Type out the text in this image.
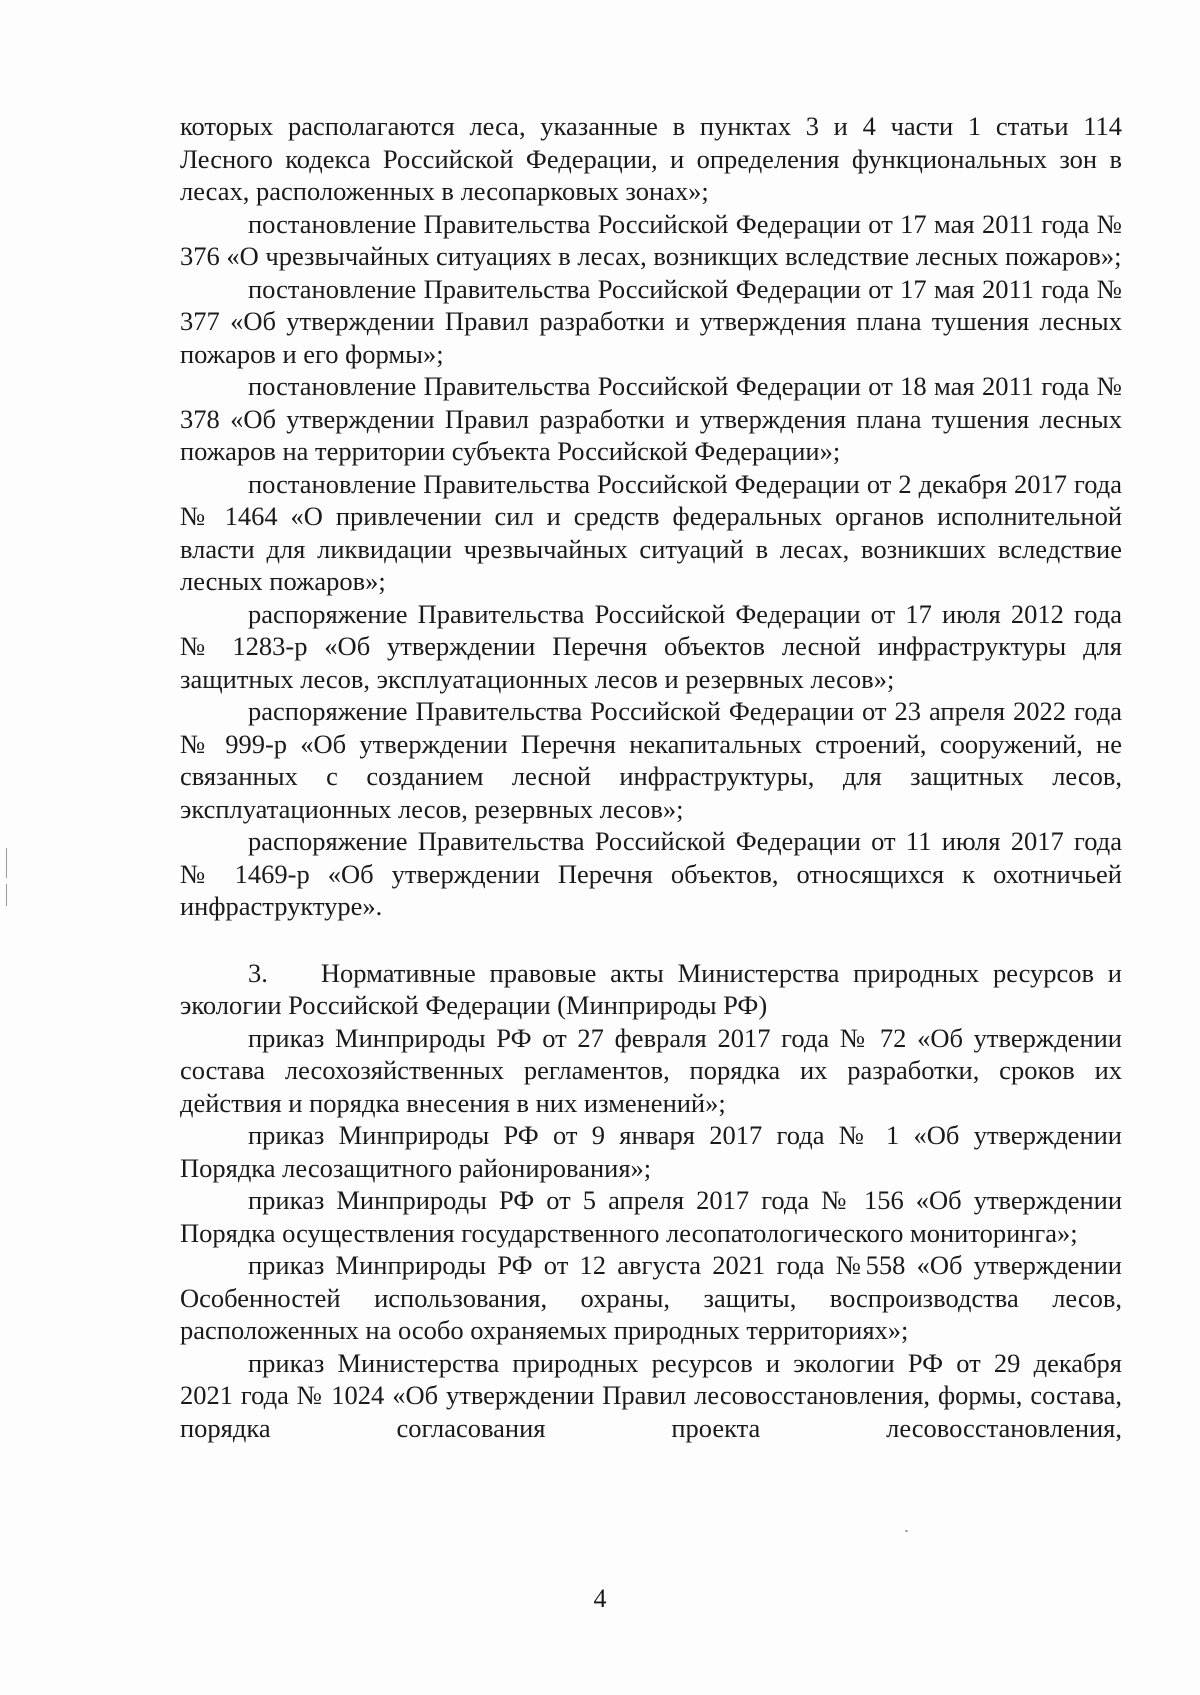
которых располагаются леса, указанные в пунктах 3 и 4 части 1 статьи 114 Лесного кодекса Российской Федерации, и определения функциональных зон в лесах, расположенных в лесопарковых зонах»;

постановление Правительства Российской Федерации от 17 мая 2011 года № 376 «О чрезвычайных ситуациях в лесах, возникщих вследствие лесных пожаров»;

постановление Правительства Российской Федерации от 17 мая 2011 года № 377 «Об утверждении Правил разработки и утверждения плана тушения лесных пожаров и его формы»;

постановление Правительства Российской Федерации от 18 мая 2011 года № 378 «Об утверждении Правил разработки и утверждения плана тушения лесных пожаров на территории субъекта Российской Федерации»;

постановление Правительства Российской Федерации от 2 декабря 2017 года № 1464 «О привлечении сил и средств федеральных органов исполнительной власти для ликвидации чрезвычайных ситуаций в лесах, возникших вследствие лесных пожаров»;

распоряжение Правительства Российской Федерации от 17 июля 2012 года № 1283-р «Об утверждении Перечня объектов лесной инфраструктуры для защитных лесов, эксплуатационных лесов и резервных лесов»;

распоряжение Правительства Российской Федерации от 23 апреля 2022 года № 999-р «Об утверждении Перечня некапитальных строений, сооружений, не связанных с созданием лесной инфраструктуры, для защитных лесов, эксплуатационных лесов, резервных лесов»;

распоряжение Правительства Российской Федерации от 11 июля 2017 года № 1469-р «Об утверждении Перечня объектов, относящихся к охотничьей инфраструктуре».

3.  Нормативные правовые акты Министерства природных ресурсов и экологии Российской Федерации (Минприроды РФ)

приказ Минприроды РФ от 27 февраля 2017 года № 72 «Об утверждении состава лесохозяйственных регламентов, порядка их разработки, сроков их действия и порядка внесения в них изменений»;

приказ Минприроды РФ от 9 января 2017 года № 1 «Об утверждении Порядка лесозащитного районирования»;

приказ Минприроды РФ от 5 апреля 2017 года № 156 «Об утверждении Порядка осуществления государственного лесопатологического мониторинга»;

приказ Минприроды РФ от 12 августа 2021 года №558 «Об утверждении Особенностей использования, охраны, защиты, воспроизводства лесов, расположенных на особо охраняемых природных территориях»;

приказ Министерства природных ресурсов и экологии РФ от 29 декабря 2021 года № 1024 «Об утверждении Правил лесовосстановления, формы, состава, порядка согласования проекта лесовосстановления,

4
